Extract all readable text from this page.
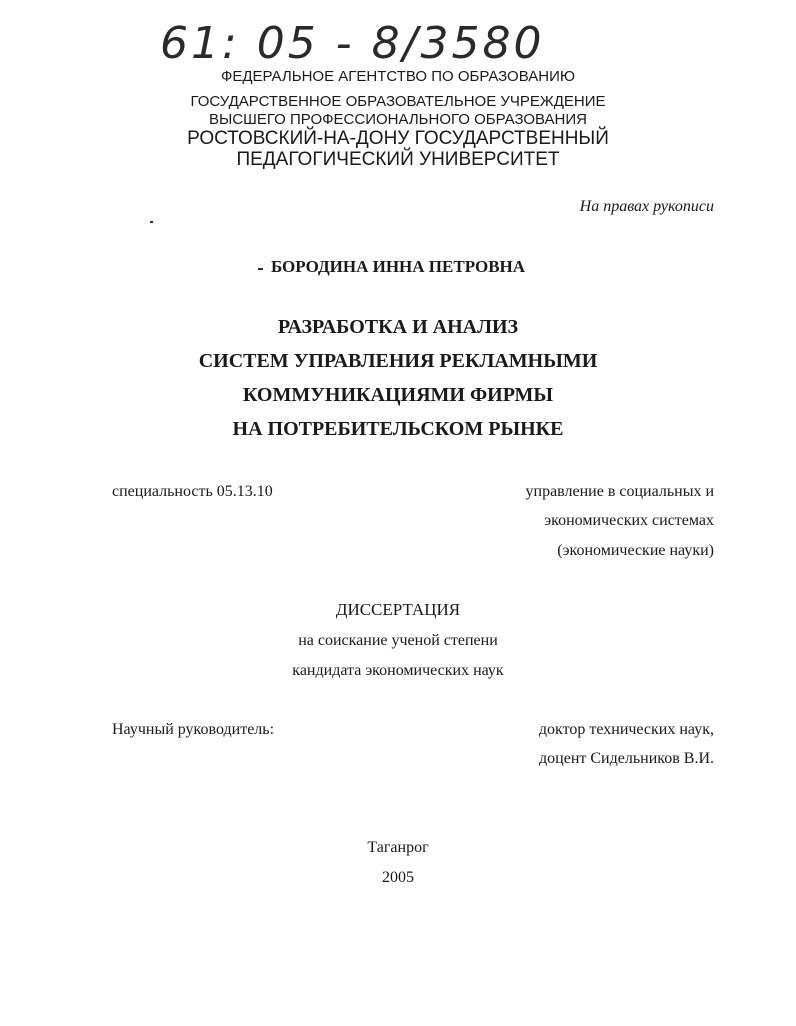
61: 05 - 8/3580
ФЕДЕРАЛЬНОЕ АГЕНТСТВО ПО ОБРАЗОВАНИЮ
ГОСУДАРСТВЕННОЕ ОБРАЗОВАТЕЛЬНОЕ УЧРЕЖДЕНИЕ
ВЫСШЕГО ПРОФЕССИОНАЛЬНОГО ОБРАЗОВАНИЯ
РОСТОВСКИЙ-НА-ДОНУ ГОСУДАРСТВЕННЫЙ
ПЕДАГОГИЧЕСКИЙ УНИВЕРСИТЕТ
На правах рукописи
БОРОДИНА ИННА ПЕТРОВНА
РАЗРАБОТКА И АНАЛИЗ
СИСТЕМ УПРАВЛЕНИЯ РЕКЛАМНЫМИ
КОММУНИКАЦИЯМИ ФИРМЫ
НА ПОТРЕБИТЕЛЬСКОМ РЫНКЕ
специальность 05.13.10	управление в социальных и
экономических системах
(экономические науки)
ДИССЕРТАЦИЯ
на соискание ученой степени
кандидата экономических наук
Научный руководитель:	доктор технических наук,
доцент Сидельников В.И.
Таганрог
2005
